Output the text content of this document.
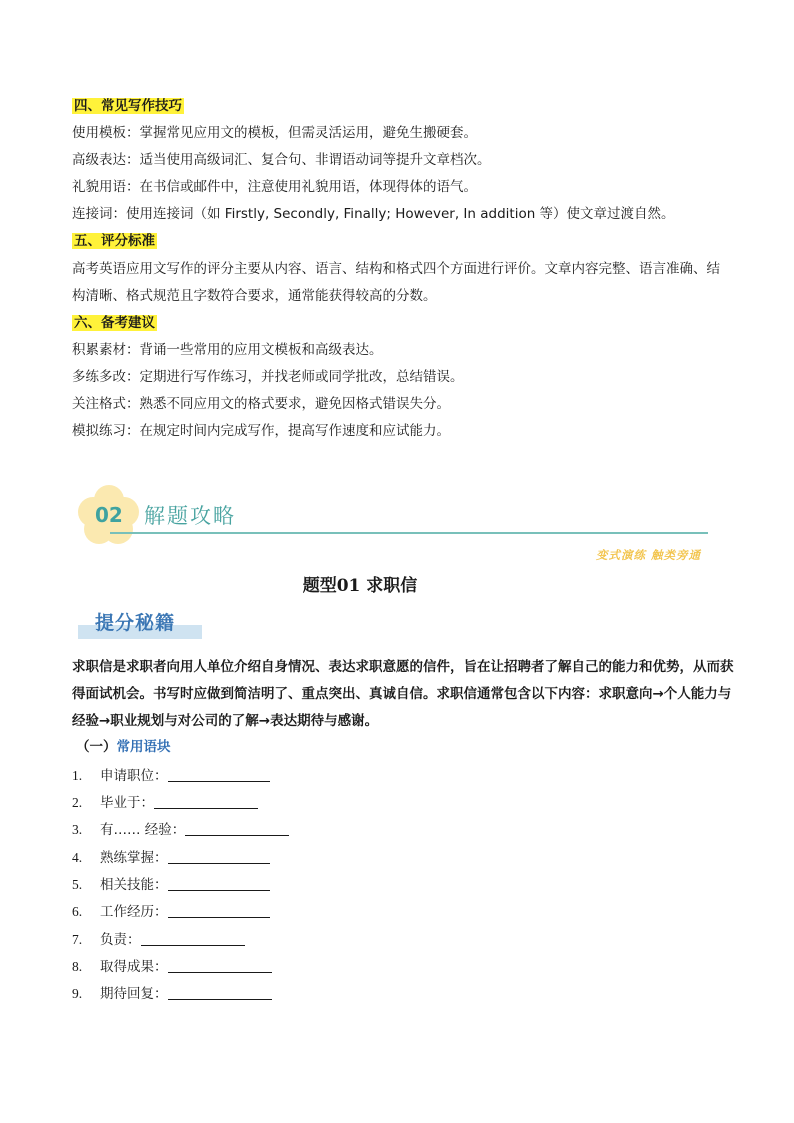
四、常见写作技巧
使用模板：掌握常见应用文的模板，但需灵活运用，避免生搬硬套。
高级表达：适当使用高级词汇、复合句、非谓语动词等提升文章档次。
礼貌用语：在书信或邮件中，注意使用礼貌用语，体现得体的语气。
连接词：使用连接词（如 Firstly, Secondly, Finally; However, In addition 等）使文章过渡自然。
五、评分标准
高考英语应用文写作的评分主要从内容、语言、结构和格式四个方面进行评价。文章内容完整、语言准确、结构清晰、格式规范且字数符合要求，通常能获得较高的分数。
六、备考建议
积累素材：背诵一些常用的应用文模板和高级表达。
多练多改：定期进行写作练习，并找老师或同学批改，总结错误。
关注格式：熟悉不同应用文的格式要求，避免因格式错误失分。
模拟练习：在规定时间内完成写作，提高写作速度和应试能力。
02 解题攻略
变式演练 触类旁通
题型01 求职信
提分秘籍
求职信是求职者向用人单位介绍自身情况、表达求职意愿的信件，旨在让招聘者了解自己的能力和优势，从而获得面试机会。书写时应做到简洁明了、重点突出、真诚自信。求职信通常包含以下内容：求职意向→个人能力与经验→职业规划与对公司的了解→表达期待与感谢。
（一）常用语块
1. 申请职位：
2. 毕业于：
3. 有…… 经验：
4. 熟练掌握：
5. 相关技能：
6. 工作经历：
7. 负责：
8. 取得成果：
9. 期待回复：
